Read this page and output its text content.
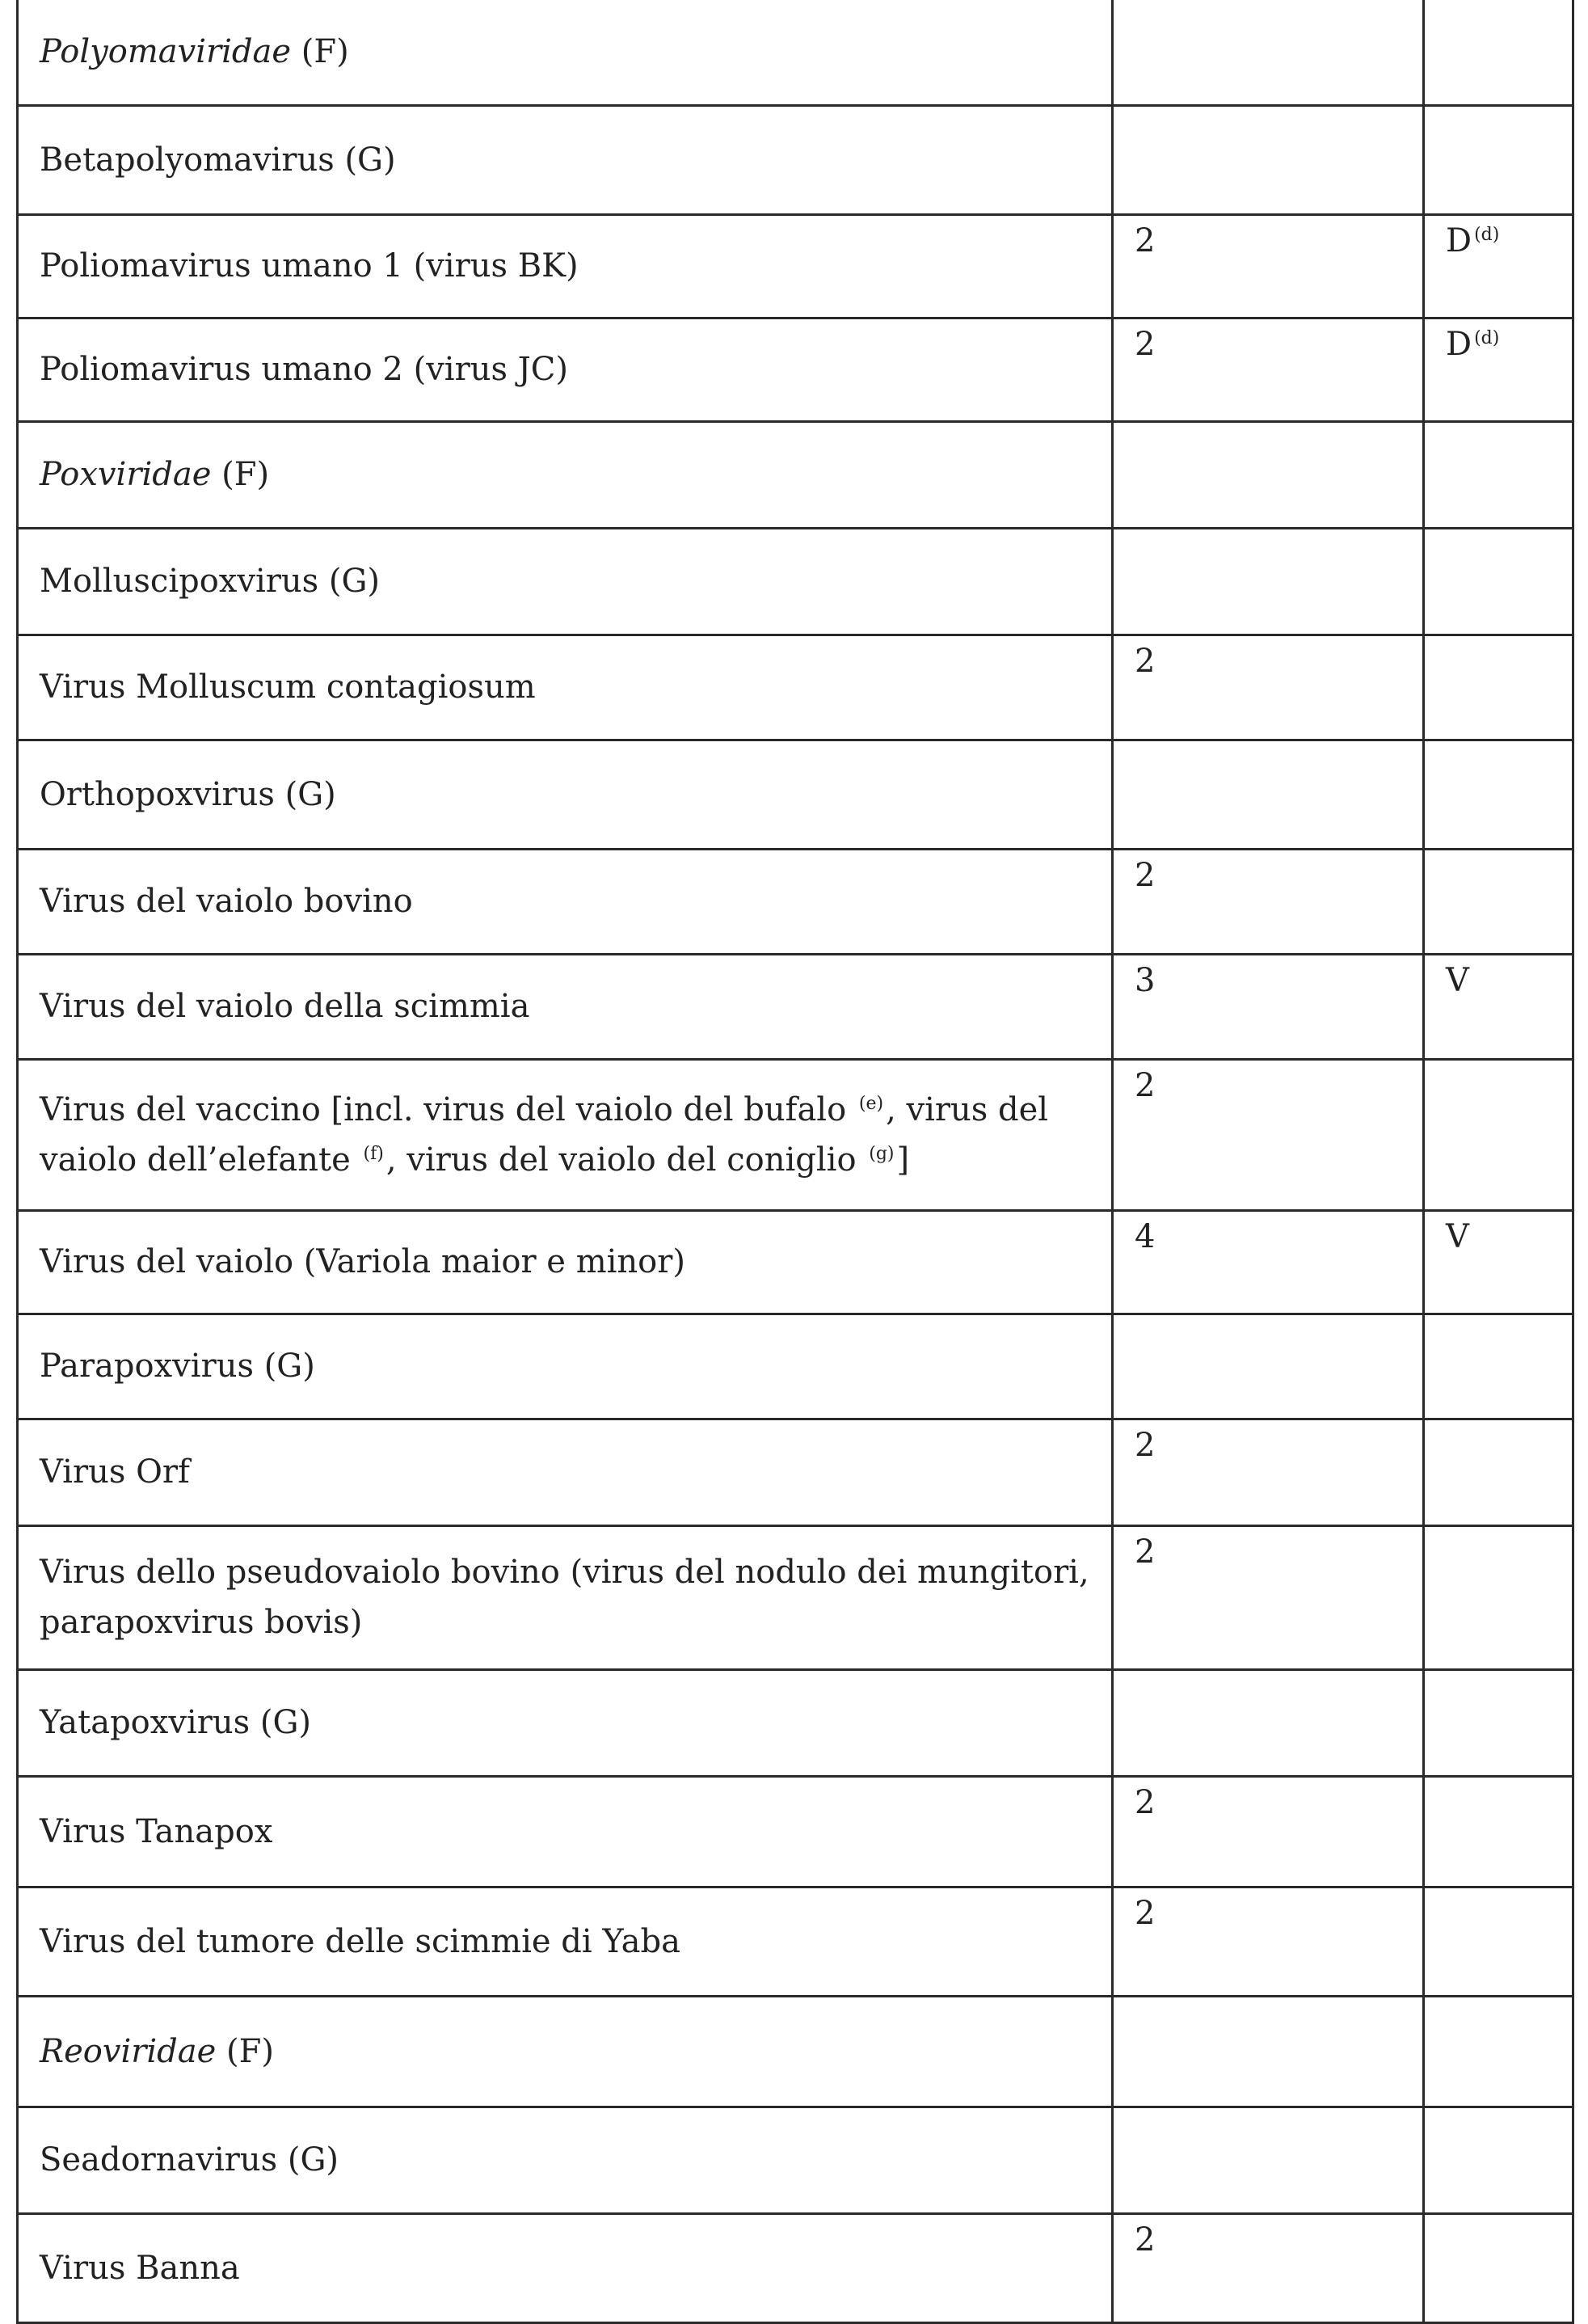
Polyomaviridae (F)		
Betapolyomavirus (G)		
Poliomavirus umano 1 (virus BK)	2	D $^{(d)}$
Poliomavirus umano 2 (virus JC)	2	D $^{(d)}$
Poxviridae (F)		
Molluscipoxvirus (G)		
Virus Molluscum contagiosum	2	
Orthopoxvirus (G)		
Virus del vaiolo bovino	2	
Virus del vaiolo della scimmia	3	V
Virus del vaccino [incl. virus del vaiolo del bufalo $^{(e)}$, virus del vaiolo dell’elefante $^{(f)}$, virus del vaiolo del coniglio $^{(g)}$]	2	
Virus del vaiolo (Variola maior e minor)	4	V
Parapoxvirus (G)		
Virus Orf	2	
Virus dello pseudovaiolo bovino (virus del nodulo dei mungitori, parapoxvirus bovis)	2	
Yatapoxvirus (G)		
Virus Tanapox	2	
Virus del tumore delle scimmie di Yaba	2	
Reoviridae (F)		
Seadornavirus (G)		
Virus Banna	2	
